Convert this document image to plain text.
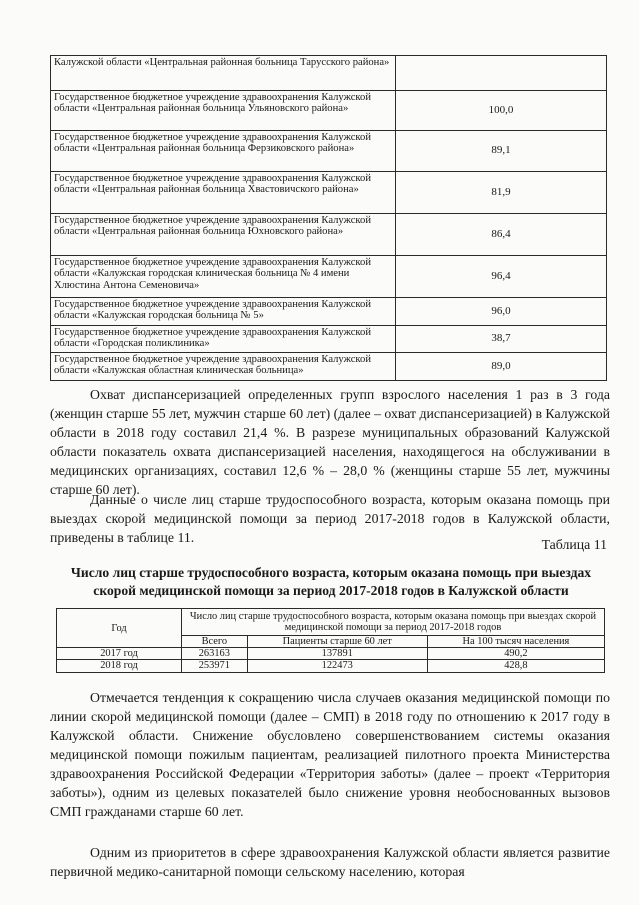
Калужской области «Центральная районная больница Тарусского района»	
Государственное бюджетное учреждение здравоохранения Калужской области «Центральная районная больница Ульяновского района»	100,0
Государственное бюджетное учреждение здравоохранения Калужской области «Центральная районная больница Ферзиковского района»	89,1
Государственное бюджетное учреждение здравоохранения Калужской области «Центральная районная больница Хвастовичского района»	81,9
Государственное бюджетное учреждение здравоохранения Калужской области «Центральная районная больница Юхновского района»	86,4
Государственное бюджетное учреждение здравоохранения Калужской области «Калужская городская клиническая больница № 4 имени Хлюстина Антона Семеновича»	96,4
Государственное бюджетное учреждение здравоохранения Калужской области «Калужская городская больница № 5»	96,0
Государственное бюджетное учреждение здравоохранения Калужской области «Городская поликлиника»	38,7
Государственное бюджетное учреждение здравоохранения Калужской области «Калужская областная клиническая больница»	89,0

Охват диспансеризацией определенных групп взрослого населения 1 раз в 3 года (женщин старше 55 лет, мужчин старше 60 лет) (далее – охват диспансеризацией) в Калужской области в 2018 году составил 21,4 %. В разрезе муниципальных образований Калужской области показатель охвата диспансеризацией населения, находящегося на обслуживании в медицинских организациях, составил 12,6 % – 28,0 % (женщины старше 55 лет, мужчины старше 60 лет).

Данные о числе лиц старше трудоспособного возраста, которым оказана помощь при выездах скорой медицинской помощи за период 2017-2018 годов в Калужской области, приведены в таблице 11.	Таблица 11

Число лиц старше трудоспособного возраста, которым оказана помощь при выездах скорой медицинской помощи за период 2017-2018 годов в Калужской области

Год	Число лиц старше трудоспособного возраста, которым оказана помощь при выездах скорой медицинской помощи за период 2017-2018 годов		
	Всего	Пациенты старше 60 лет	На 100 тысяч населения
2017 год	263163	137891	490,2
2018 год	253971	122473	428,8

Отмечается тенденция к сокращению числа случаев оказания медицинской помощи по линии скорой медицинской помощи (далее – СМП) в 2018 году по отношению к 2017 году в Калужской области. Снижение обусловлено совершенствованием системы оказания медицинской помощи пожилым пациентам, реализацией пилотного проекта Министерства здравоохранения Российской Федерации «Территория заботы» (далее – проект «Территория заботы»), одним из целевых показателей было снижение уровня необоснованных вызовов СМП гражданами старше 60 лет.

Одним из приоритетов в сфере здравоохранения Калужской области является развитие первичной медико-санитарной помощи сельскому населению, которая
